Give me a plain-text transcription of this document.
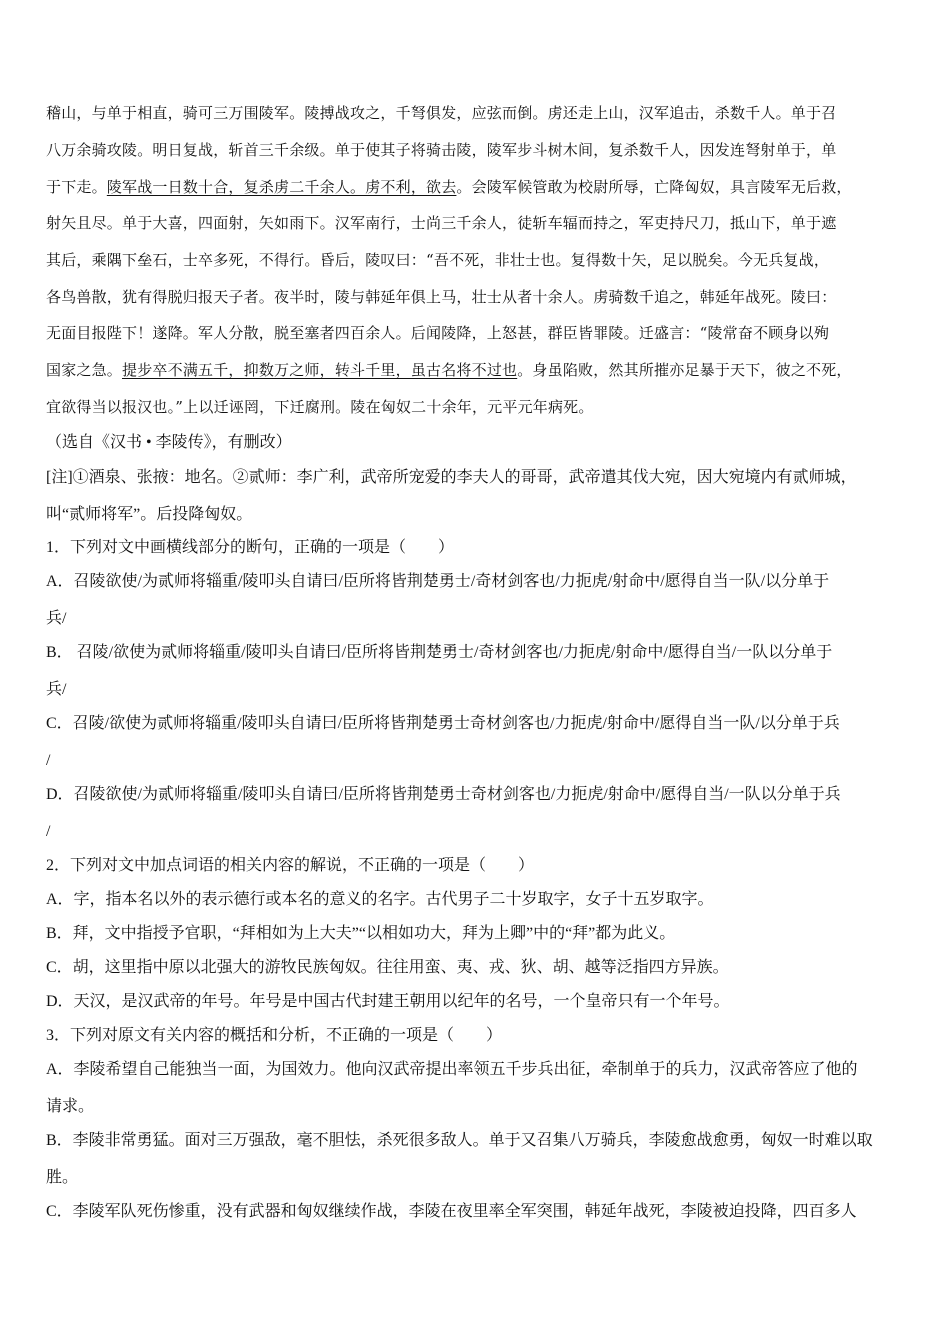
稽山，与单于相直，骑可三万围陵军。陵搏战攻之，千弩俱发，应弦而倒。虏还走上山，汉军追击，杀数千人。单于召
八万余骑攻陵。明日复战，斩首三千余级。单于使其子将骑击陵，陵军步斗树木间，复杀数千人，因发连弩射单于，单
于下走。陵军战一日数十合，复杀虏二千余人。虏不利，欲去。会陵军候管敢为校尉所辱，亡降匈奴，具言陵军无后救，
射矢且尽。单于大喜，四面射，矢如雨下。汉军南行，士尚三千余人，徒斩车辐而持之，军吏持尺刀，抵山下，单于遮
其后，乘隅下垒石，士卒多死，不得行。昏后，陵叹曰：“吾不死，非壮士也。复得数十矢，足以脱矣。今无兵复战，
各鸟兽散，犹有得脱归报天子者。夜半时，陵与韩延年俱上马，壮士从者十余人。虏骑数千追之，韩延年战死。陵曰：
无面目报陛下！遂降。军人分散，脱至塞者四百余人。后闻陵降，上怒甚，群臣皆罪陵。迁盛言：“陵常奋不顾身以殉
国家之急。提步卒不满五千，抑数万之师，转斗千里，虽古名将不过也。身虽陷败，然其所摧亦足暴于天下，彼之不死，
宜欲得当以报汉也。”上以迁诬罔，下迁腐刑。陵在匈奴二十余年，元平元年病死。
（选自《汉书 • 李陵传》，有删改）
[注]①酒泉、张掖：地名。②贰师：李广利，武帝所宠爱的李夫人的哥哥，武帝遣其伐大宛，因大宛境内有贰师城，
叫“贰师将军”。后投降匈奴。
1．下列对文中画横线部分的断句，正确的一项是（　　）
A．召陵欲使/为贰师将辎重/陵叩头自请曰/臣所将皆荆楚勇士/奇材剑客也/力扼虎/射命中/愿得自当一队/以分单于
兵/
B． 召陵/欲使为贰师将辎重/陵叩头自请曰/臣所将皆荆楚勇士/奇材剑客也/力扼虎/射命中/愿得自当/一队以分单于
兵/
C．召陵/欲使为贰师将辎重/陵叩头自请曰/臣所将皆荆楚勇士奇材剑客也/力扼虎/射命中/愿得自当一队/以分单于兵
/
D．召陵欲使/为贰师将辎重/陵叩头自请曰/臣所将皆荆楚勇士奇材剑客也/力扼虎/射命中/愿得自当/一队以分单于兵
/
2．下列对文中加点词语的相关内容的解说，不正确的一项是（　　）
A．字，指本名以外的表示德行或本名的意义的名字。古代男子二十岁取字，女子十五岁取字。
B．拜，文中指授予官职，“拜相如为上大夫”“以相如功大，拜为上卿”中的“拜”都为此义。
C．胡，这里指中原以北强大的游牧民族匈奴。往往用蛮、夷、戎、狄、胡、越等泛指四方异族。
D．天汉，是汉武帝的年号。年号是中国古代封建王朝用以纪年的名号，一个皇帝只有一个年号。
3．下列对原文有关内容的概括和分析，不正确的一项是（　　）
A．李陵希望自己能独当一面，为国效力。他向汉武帝提出率领五千步兵出征，牵制单于的兵力，汉武帝答应了他的
请求。
B．李陵非常勇猛。面对三万强敌，毫不胆怯，杀死很多敌人。单于又召集八万骑兵，李陵愈战愈勇，匈奴一时难以取
胜。
C．李陵军队死伤惨重，没有武器和匈奴继续作战，李陵在夜里率全军突围，韩延年战死，李陵被迫投降，四百多人
